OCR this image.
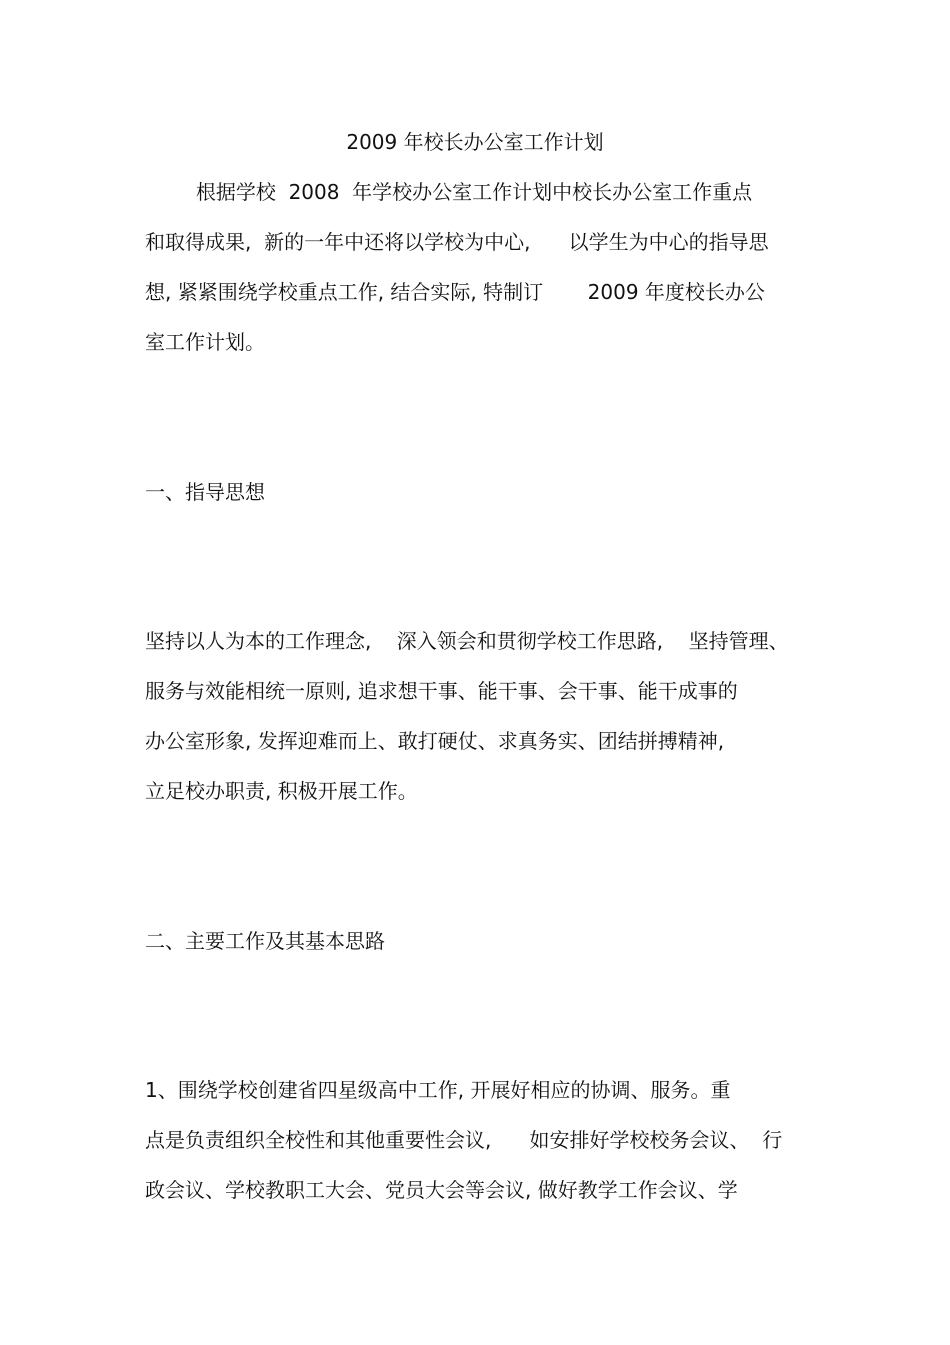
2009 年校长办公室工作计划
根据学校  2008  年学校办公室工作计划中校长办公室工作重点
和取得成果,  新的一年中还将以学校为中心,      以学生为中心的指导思
想, 紧紧围绕学校重点工作, 结合实际, 特制订       2009 年度校长办公
室工作计划。
一、指导思想
坚持以人为本的工作理念,    深入领会和贯彻学校工作思路,    坚持管理、
服务与效能相统一原则, 追求想干事、能干事、会干事、能干成事的
办公室形象, 发挥迎难而上、敢打硬仗、求真务实、团结拼搏精神,
立足校办职责, 积极开展工作。
二、主要工作及其基本思路
1、围绕学校创建省四星级高中工作, 开展好相应的协调、服务。重
点是负责组织全校性和其他重要性会议,      如安排好学校校务会议、  行
政会议、学校教职工大会、党员大会等会议, 做好教学工作会议、学
